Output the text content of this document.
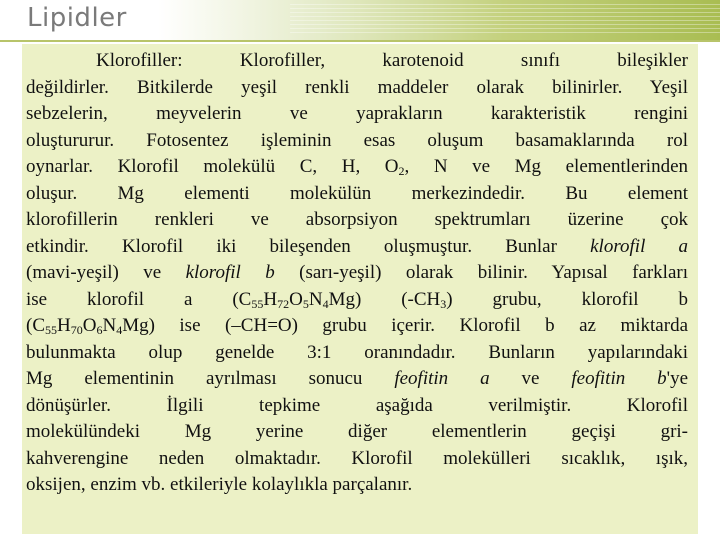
Lipidler
Klorofiller: Klorofiller, karotenoid sınıfı bileşikler
değildirler. Bitkilerde yeşil renkli maddeler olarak bilinirler. Yeşil
sebzelerin, meyvelerin ve yaprakların karakteristik rengini
oluştururur. Fotosentez işleminin esas oluşum basamaklarında rol
oynarlar. Klorofil molekülü C, H, $O_2$, N ve Mg elementlerinden
oluşur. Mg elementi molekülün merkezindedir. Bu element
klorofillerin renkleri ve absorpsiyon spektrumları üzerine çok
etkindir. Klorofil iki bileşenden oluşmuştur. Bunlar klorofil a
(mavi-yeşil) ve klorofil b (sarı-yeşil) olarak bilinir. Yapısal farkları
ise klorofil a $(C_{55}H_{72}O_5N_4Mg)$ $(-CH_3)$ grubu, klorofil b
$(C_{55}H_{70}O_6N_4Mg)$ ise (–CH=O) grubu içerir. Klorofil b az miktarda
bulunmakta olup genelde 3:1 oranındadır. Bunların yapılarındaki
Mg elementinin ayrılması sonucu feofitin a ve feofitin b'ye
dönüşürler. İlgili tepkime aşağıda verilmiştir. Klorofil
molekülündeki Mg yerine diğer elementlerin geçişi gri-
kahverengine neden olmaktadır. Klorofil molekülleri sıcaklık, ışık,
oksijen, enzim vb. etkileriyle kolaylıkla parçalanır.
